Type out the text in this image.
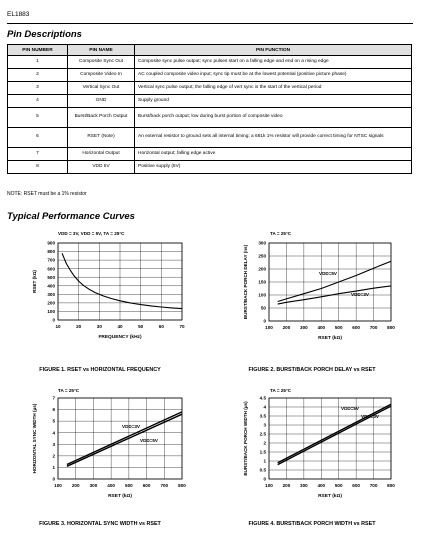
EL1883
Pin Descriptions
PIN NUMBER	PIN NAME	PIN FUNCTION
1	Composite Sync Out	Composite sync pulse output; sync pulses start on a falling edge and end on a rising edge
2	Composite Video In	AC coupled composite video input; sync tip must be at the lowest potential (positive picture phase)
3	Vertical Sync Out	Vertical sync pulse output; the falling edge of vert sync is the start of the vertical period
4	GND	Supply ground
5	Burst/Back Porch Output	Burst/back porch output; low during burst portion of composite video
6	RSET (Note)	An external resistor to ground sets all internal timing; a 681k 1% resistor will provide correct timing for NTSC signals
7	Horizontal Output	Horizontal output; falling edge active
8	VDD 5V	Positive supply (5V)
NOTE: RSET must be a 1% resistor
Typical Performance Curves
VDD = 3V, VDD = 5V, TA = 25°C
10	20	30	40	50	60	70
0
100
200
300
400
500
600
700
800
900
FREQUENCY (kHz)
RSET (kΩ)
FIGURE 1. RSET vs HORIZONTAL FREQUENCY
TA = 25°C
100 200 300 400 500 600 700 800
0
50
100
150
200
250
300
RSET (kΩ)
BURST/BACK PORCH DELAY (ns)	VDD=5V
VDD=3V
FIGURE 2. BURST/BACK PORCH DELAY vs RSET
TA = 25°C
100 200 300 400 500 600 700 800
0
1
2
3
4
5
6
7
RSET (kΩ)
HORIZONTAL SYNC WIDTH (μs)	VDD=3V
VDD=5V
FIGURE 3. HORIZONTAL SYNC WIDTH vs RSET
TA = 25°C
100 200 300 400 500 600 700 800
0
0.5
1
1.5
2
2.5
3
3.5
4
4.5
RSET (kΩ)
BURST/BACK PORCH WIDTH (μs)	VDD=5V
VDD=3V
FIGURE 4. BURST/BACK PORCH WIDTH vs RSET
